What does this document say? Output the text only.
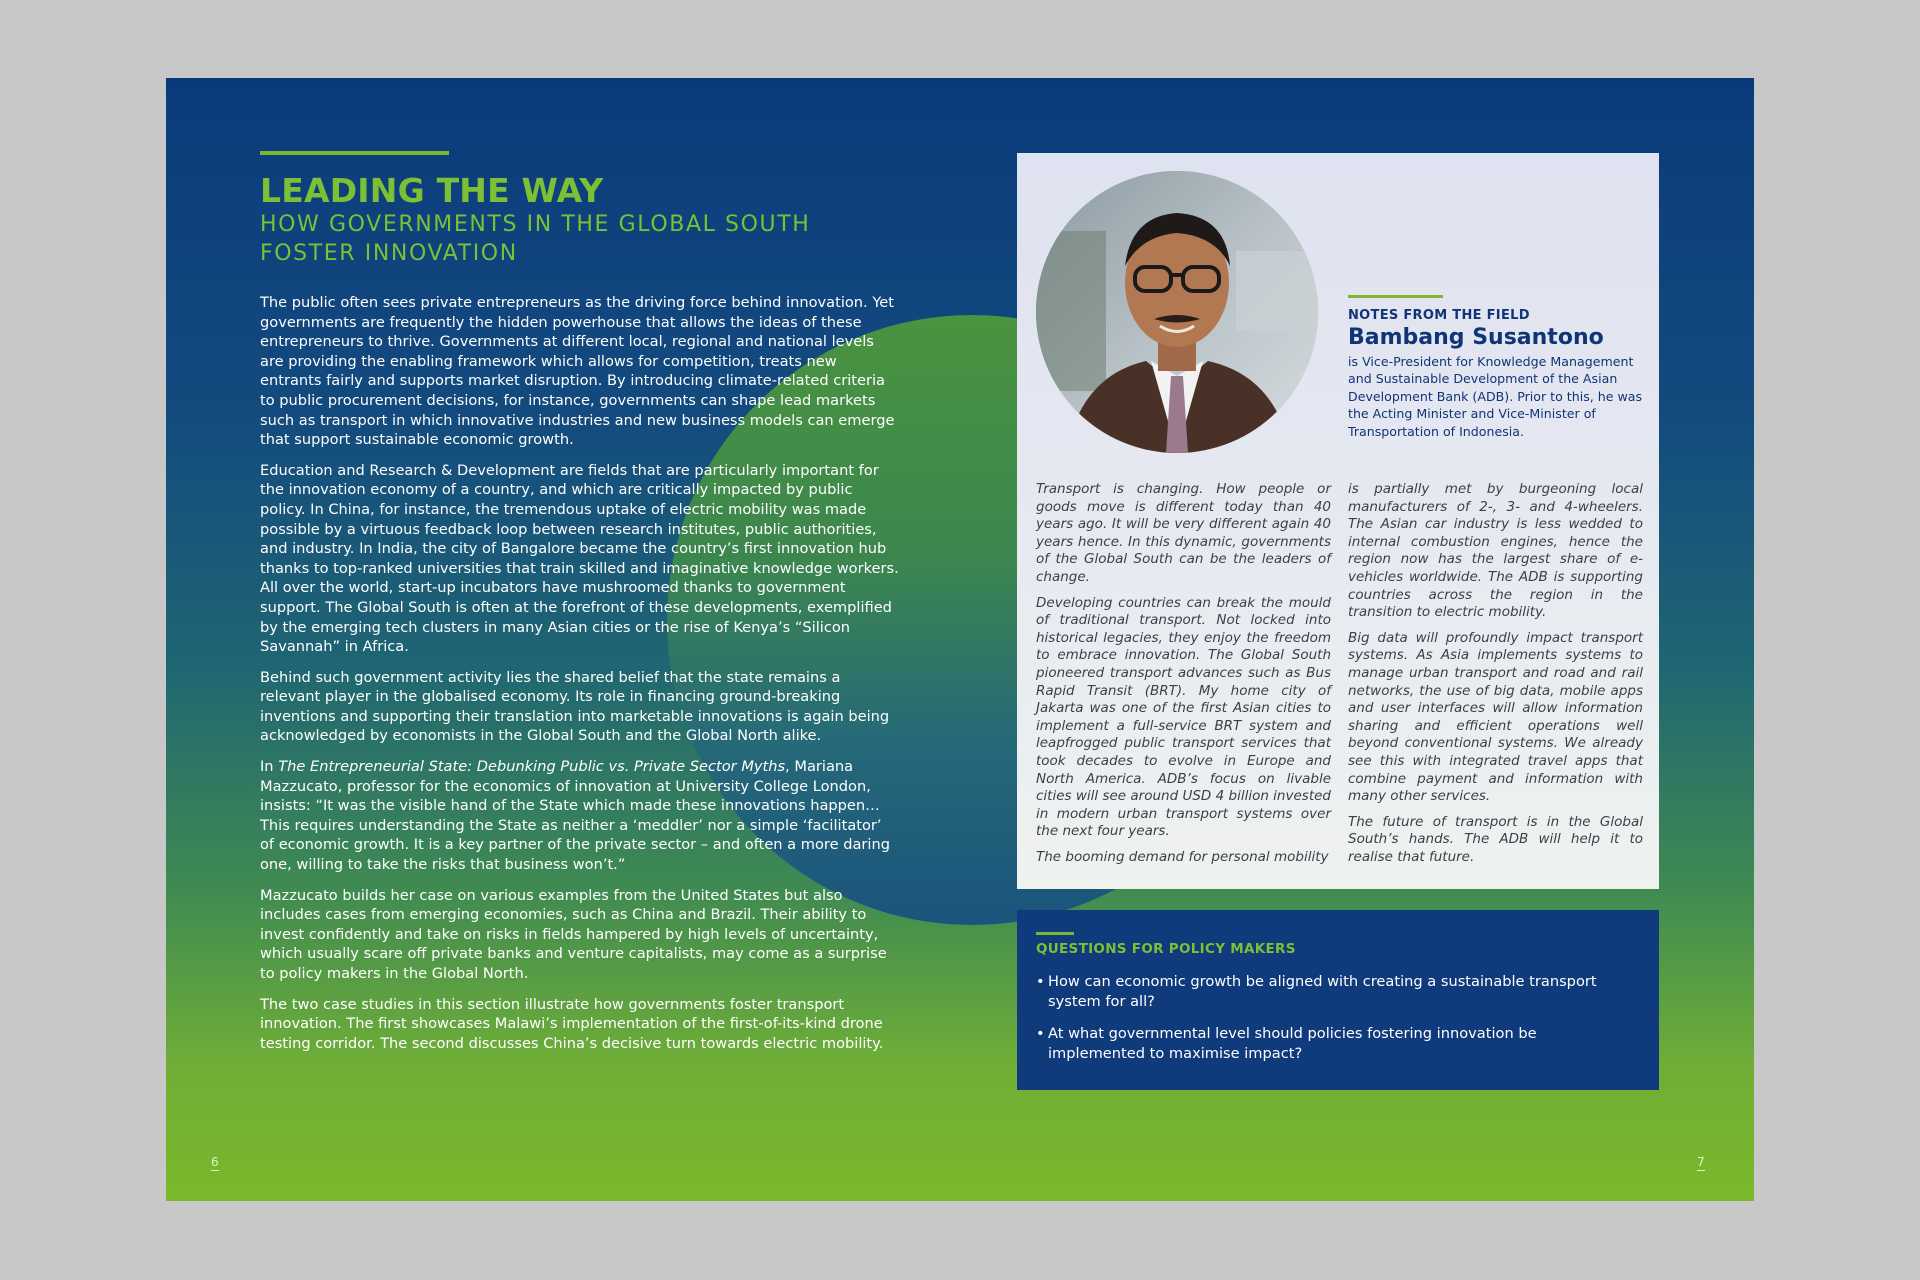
LEADING THE WAY
HOW GOVERNMENTS IN THE GLOBAL SOUTH
FOSTER INNOVATION

The public often sees private entrepreneurs as the driving force behind innovation. Yet governments are frequently the hidden powerhouse that allows the ideas of these entrepreneurs to thrive. Governments at different local, regional and national levels are providing the enabling framework which allows for competition, treats new entrants fairly and supports market disruption. By introducing climate-related criteria to public procurement decisions, for instance, governments can shape lead markets such as transport in which innovative industries and new business models can emerge that support sustainable economic growth.

Education and Research & Development are fields that are particularly important for the innovation economy of a country, and which are critically impacted by public policy. In China, for instance, the tremendous uptake of electric mobility was made possible by a virtuous feedback loop between research institutes, public authorities, and industry. In India, the city of Bangalore became the country’s first innovation hub thanks to top-ranked universities that train skilled and imaginative knowledge workers. All over the world, start-up incubators have mushroomed thanks to government support. The Global South is often at the forefront of these developments, exemplified by the emerging tech clusters in many Asian cities or the rise of Kenya’s “Silicon Savannah” in Africa.

Behind such government activity lies the shared belief that the state remains a relevant player in the globalised economy. Its role in financing ground-breaking inventions and supporting their translation into marketable innovations is again being acknowledged by economists in the Global South and the Global North alike.

In The Entrepreneurial State: Debunking Public vs. Private Sector Myths, Mariana Mazzucato, professor for the economics of innovation at University College London, insists: “It was the visible hand of the State which made these innovations happen…This requires understanding the State as neither a ‘meddler’ nor a simple ‘facilitator’ of economic growth. It is a key partner of the private sector – and often a more daring one, willing to take the risks that business won’t.”

Mazzucato builds her case on various examples from the United States but also includes cases from emerging economies, such as China and Brazil. Their ability to invest confidently and take on risks in fields hampered by high levels of uncertainty, which usually scare off private banks and venture capitalists, may come as a surprise to policy makers in the Global North.

The two case studies in this section illustrate how governments foster transport innovation. The first showcases Malawi’s implementation of the first-of-its-kind drone testing corridor. The second discusses China’s decisive turn towards electric mobility.

6	7
NOTES FROM THE FIELD
Bambang Susantono

is Vice-President for Knowledge Management and Sustainable Development of the Asian Development Bank (ADB). Prior to this, he was the Acting Minister and Vice-Minister of Transportation of Indonesia.

Transport is changing. How people or goods move is different today than 40 years ago. It will be very different again 40 years hence. In this dynamic, governments of the Global South can be the leaders of change.

Developing countries can break the mould of traditional transport. Not locked into historical legacies, they enjoy the freedom to embrace innovation. The Global South pioneered transport advances such as Bus Rapid Transit (BRT). My home city of Jakarta was one of the first Asian cities to implement a full-service BRT system and leapfrogged public transport services that took decades to evolve in Europe and North America. ADB’s focus on livable cities will see around USD 4 billion invested in modern urban transport systems over the next four years.

The booming demand for personal mobility

is partially met by burgeoning local manufacturers of 2-, 3- and 4-wheelers. The Asian car industry is less wedded to internal combustion engines, hence the region now has the largest share of e-vehicles worldwide. The ADB is supporting countries across the region in the transition to electric mobility.

Big data will profoundly impact transport systems. As Asia implements systems to manage urban transport and road and rail networks, the use of big data, mobile apps and user interfaces will allow information sharing and efficient operations well beyond conventional systems. We already see this with integrated travel apps that combine payment and information with many other services.

The future of transport is in the Global South’s hands. The ADB will help it to realise that future.

QUESTIONS FOR POLICY MAKERS
• How can economic growth be aligned with creating a sustainable transport system for all?
• At what governmental level should policies fostering innovation be implemented to maximise impact?
